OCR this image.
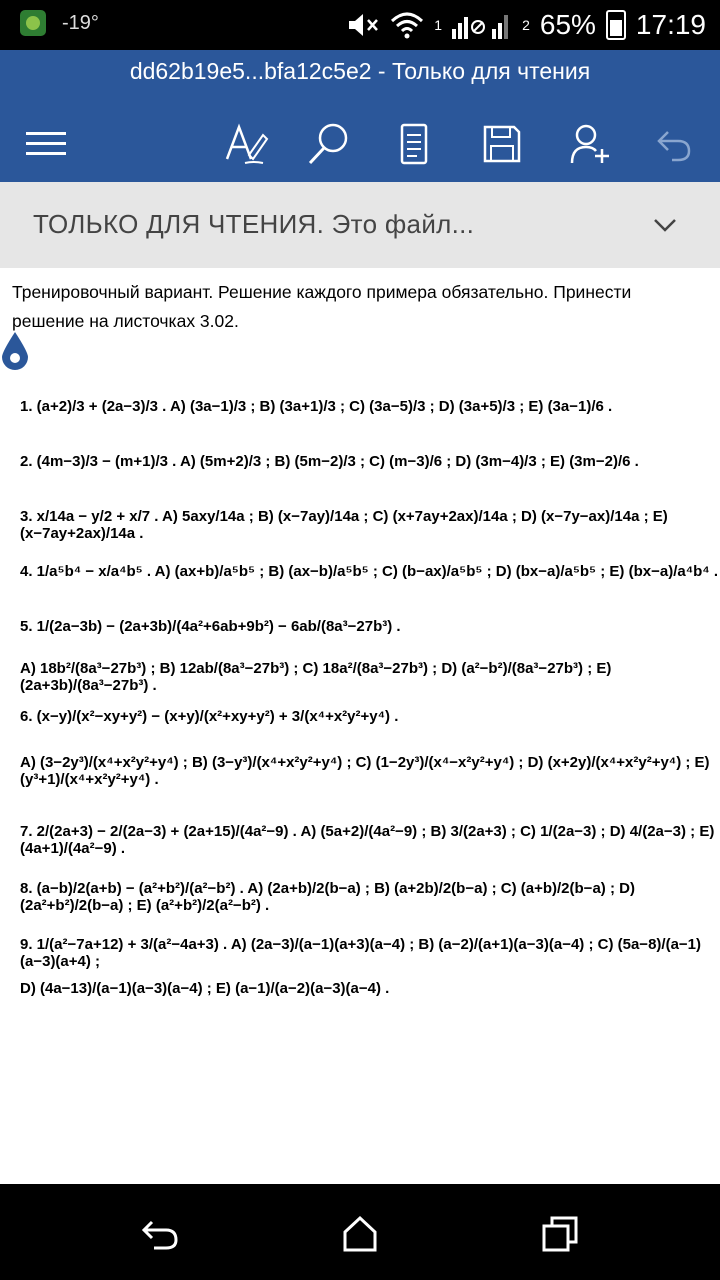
-19°	1	2 65% 17:19
dd62b19e5...bfa12c5e2 - Только для чтения
ТОЛЬКО ДЛЯ ЧТЕНИЯ. Это файл...
Тренировочный вариант. Решение каждого примера обязательно. Принести решение на листочках 3.02.
1. (a+2)/3 + (2a−3)/3 . A) (3a−1)/3 ; B) (3a+1)/3 ; C) (3a−5)/3 ; D) (3a+5)/3 ; E) (3a−1)/6 .
2. (4m−3)/3 − (m+1)/3 . A) (5m+2)/3 ; B) (5m−2)/3 ; C) (m−3)/6 ; D) (3m−4)/3 ; E) (3m−2)/6 .
3. x/14a − y/2 + x/7 . A) 5axy/14a ; B) (x−7ay)/14a ; C) (x+7ay+2ax)/14a ; D) (x−7y−ax)/14a ; E) (x−7ay+2ax)/14a .
4. 1/a⁵b⁴ − x/a⁴b⁵ . A) (ax+b)/a⁵b⁵ ; B) (ax−b)/a⁵b⁵ ; C) (b−ax)/a⁵b⁵ ; D) (bx−a)/a⁵b⁵ ; E) (bx−a)/a⁴b⁴ .
5. 1/(2a−3b) − (2a+3b)/(4a²+6ab+9b²) − 6ab/(8a³−27b³) .
A) 18b²/(8a³−27b³) ; B) 12ab/(8a³−27b³) ; C) 18a²/(8a³−27b³) ; D) (a²−b²)/(8a³−27b³) ; E) (2a+3b)/(8a³−27b³) .
6. (x−y)/(x²−xy+y²) − (x+y)/(x²+xy+y²) + 3/(x⁴+x²y²+y⁴) .
A) (3−2y³)/(x⁴+x²y²+y⁴) ; B) (3−y³)/(x⁴+x²y²+y⁴) ; C) (1−2y³)/(x⁴−x²y²+y⁴) ; D) (x+2y)/(x⁴+x²y²+y⁴) ; E) (y³+1)/(x⁴+x²y²+y⁴) .
7. 2/(2a+3) − 2/(2a−3) + (2a+15)/(4a²−9) . A) (5a+2)/(4a²−9) ; B) 3/(2a+3) ; C) 1/(2a−3) ; D) 4/(2a−3) ; E) (4a+1)/(4a²−9) .
8. (a−b)/2(a+b) − (a²+b²)/(a²−b²) . A) (2a+b)/2(b−a) ; B) (a+2b)/2(b−a) ; C) (a+b)/2(b−a) ; D) (2a²+b²)/2(b−a) ; E) (a²+b²)/2(a²−b²) .
9. 1/(a²−7a+12) + 3/(a²−4a+3) . A) (2a−3)/(a−1)(a+3)(a−4) ; B) (a−2)/(a+1)(a−3)(a−4) ; C) (5a−8)/(a−1)(a−3)(a+4) ;
D) (4a−13)/(a−1)(a−3)(a−4) ; E) (a−1)/(a−2)(a−3)(a−4) .
